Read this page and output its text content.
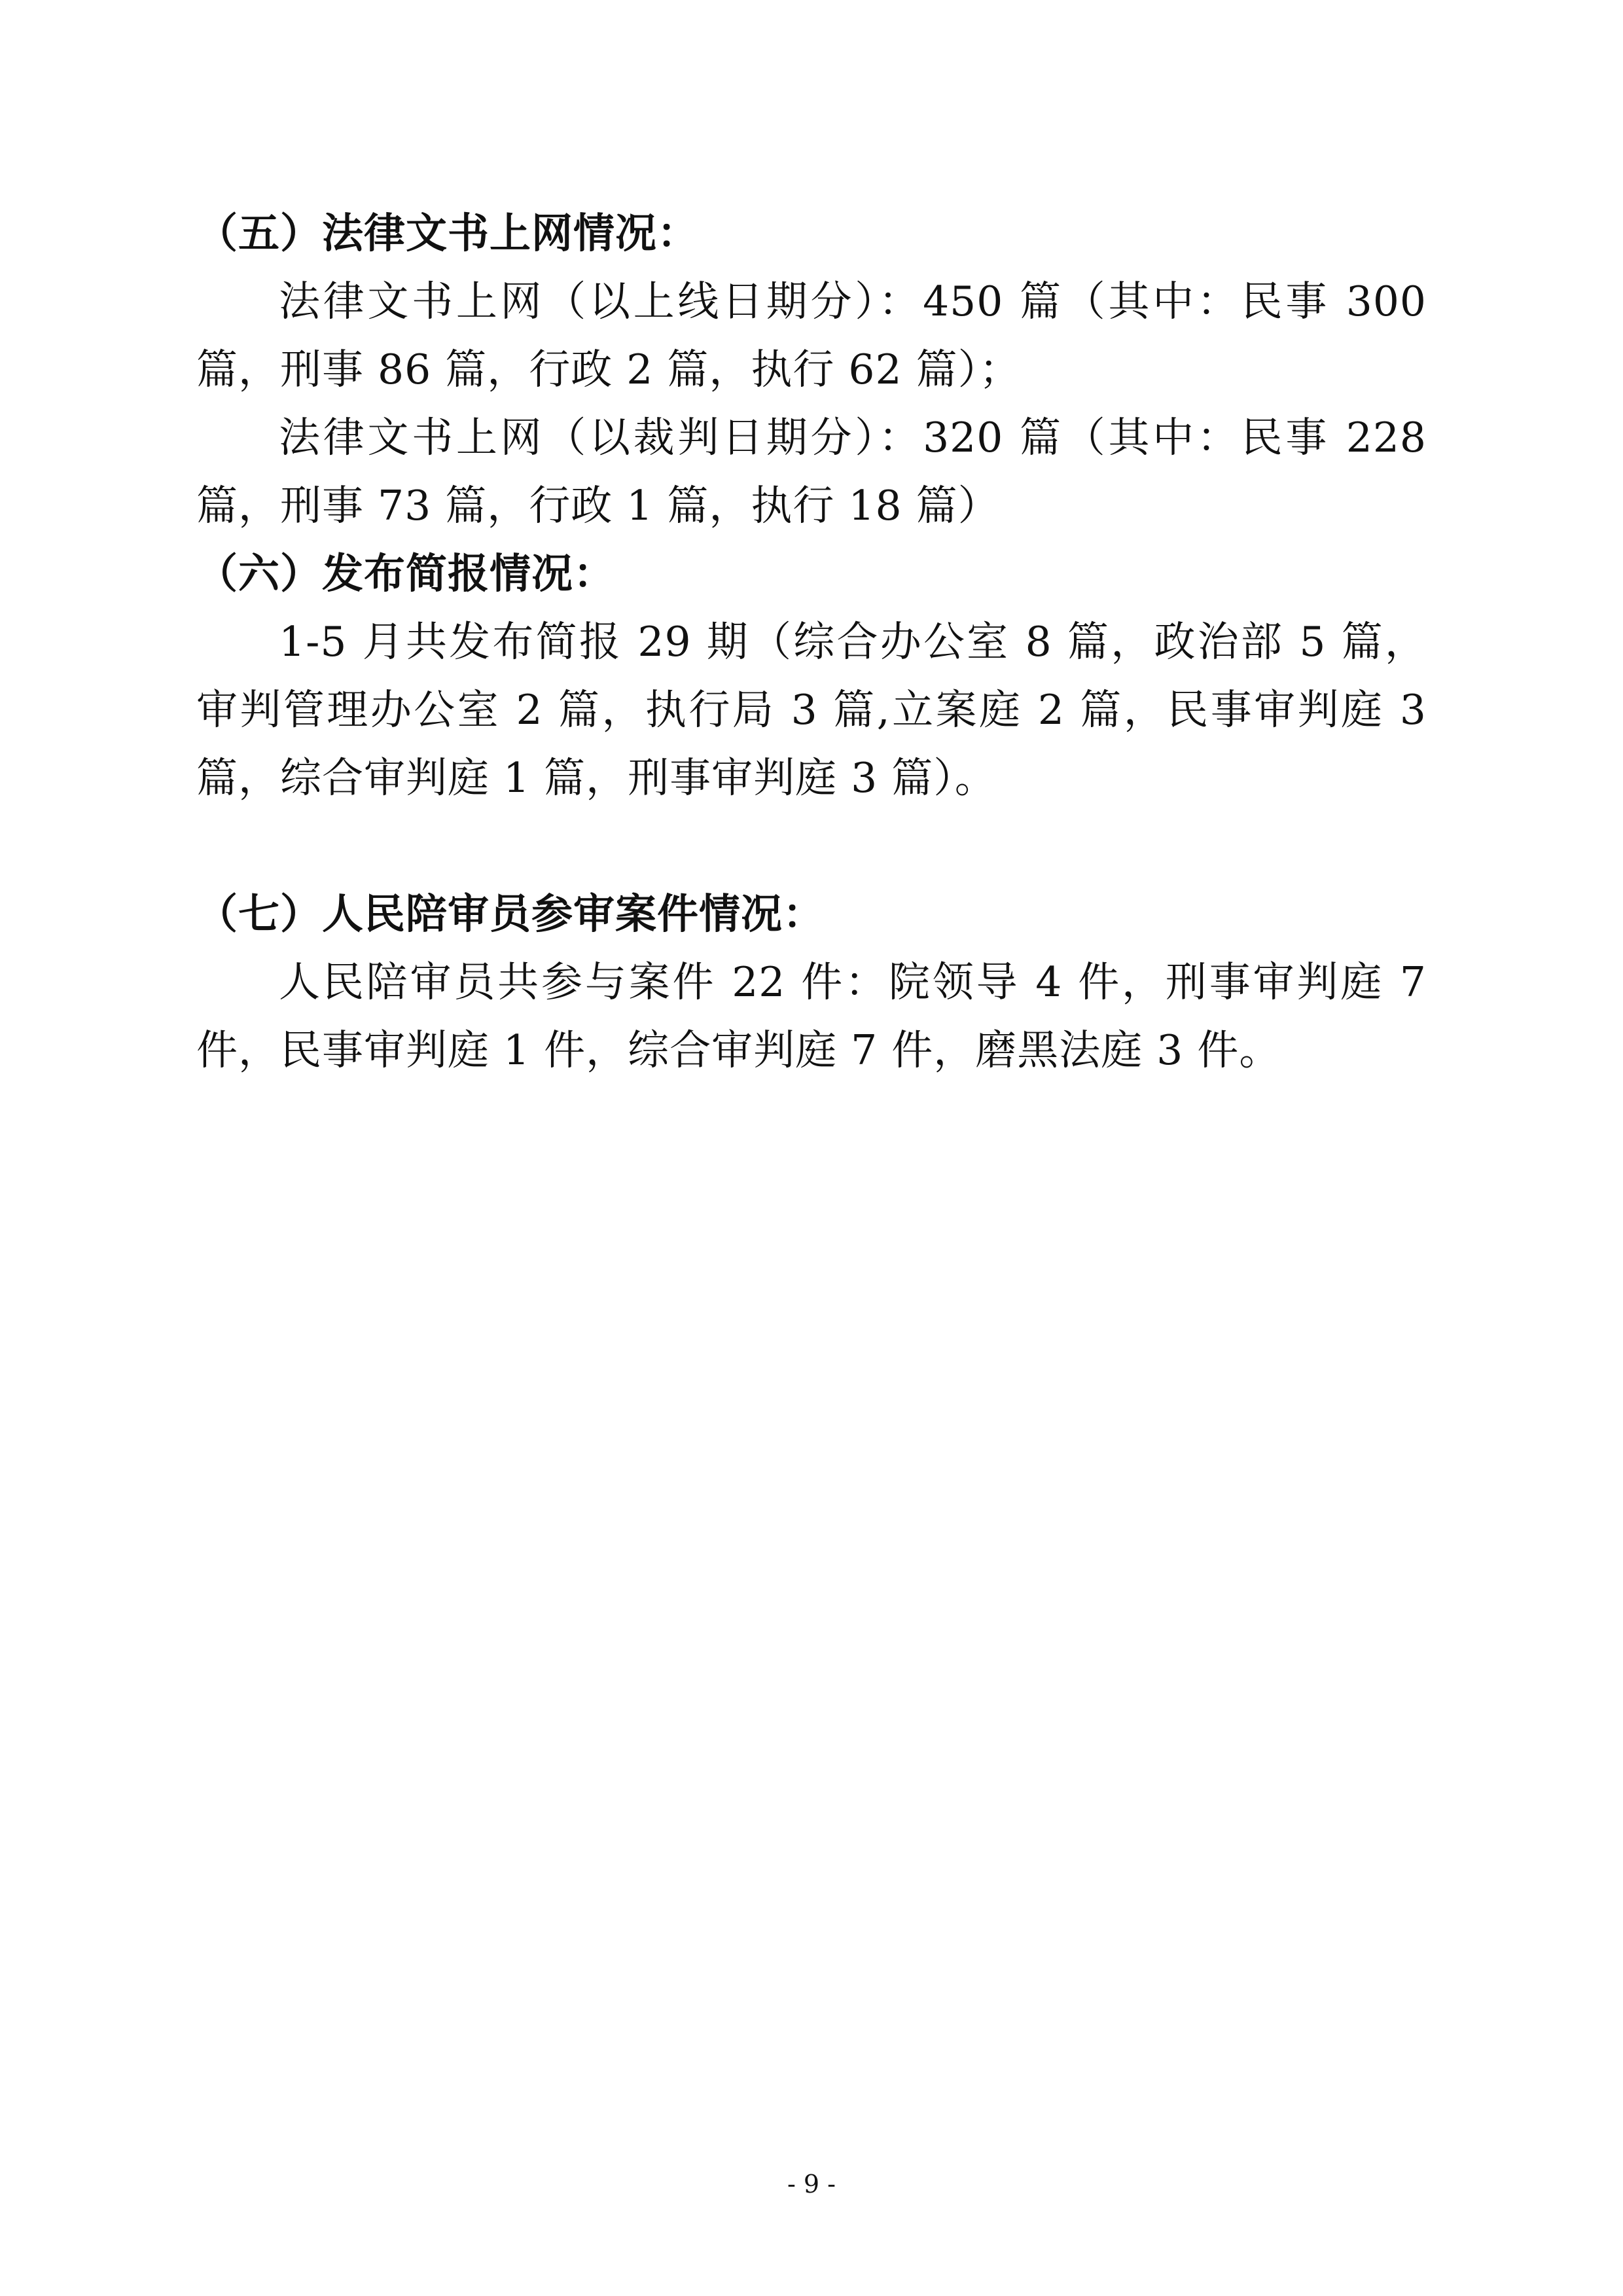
（五）法律文书上网情况：
法律文书上网（以上线日期分）：450 篇（其中：民事 300 篇，刑事 86 篇，行政 2 篇，执行 62 篇）；
法律文书上网（以裁判日期分）：320 篇（其中：民事 228 篇，刑事 73 篇，行政 1 篇，执行 18 篇）
（六）发布简报情况：
1-5 月共发布简报 29 期（综合办公室 8 篇，政治部 5 篇，审判管理办公室 2 篇，执行局 3 篇,立案庭 2 篇，民事审判庭 3 篇，综合审判庭 1 篇，刑事审判庭 3 篇）。
（七）人民陪审员参审案件情况：
人民陪审员共参与案件 22 件：院领导 4 件，刑事审判庭 7 件，民事审判庭 1 件，综合审判庭 7 件，磨黑法庭 3 件。
- 9 -
